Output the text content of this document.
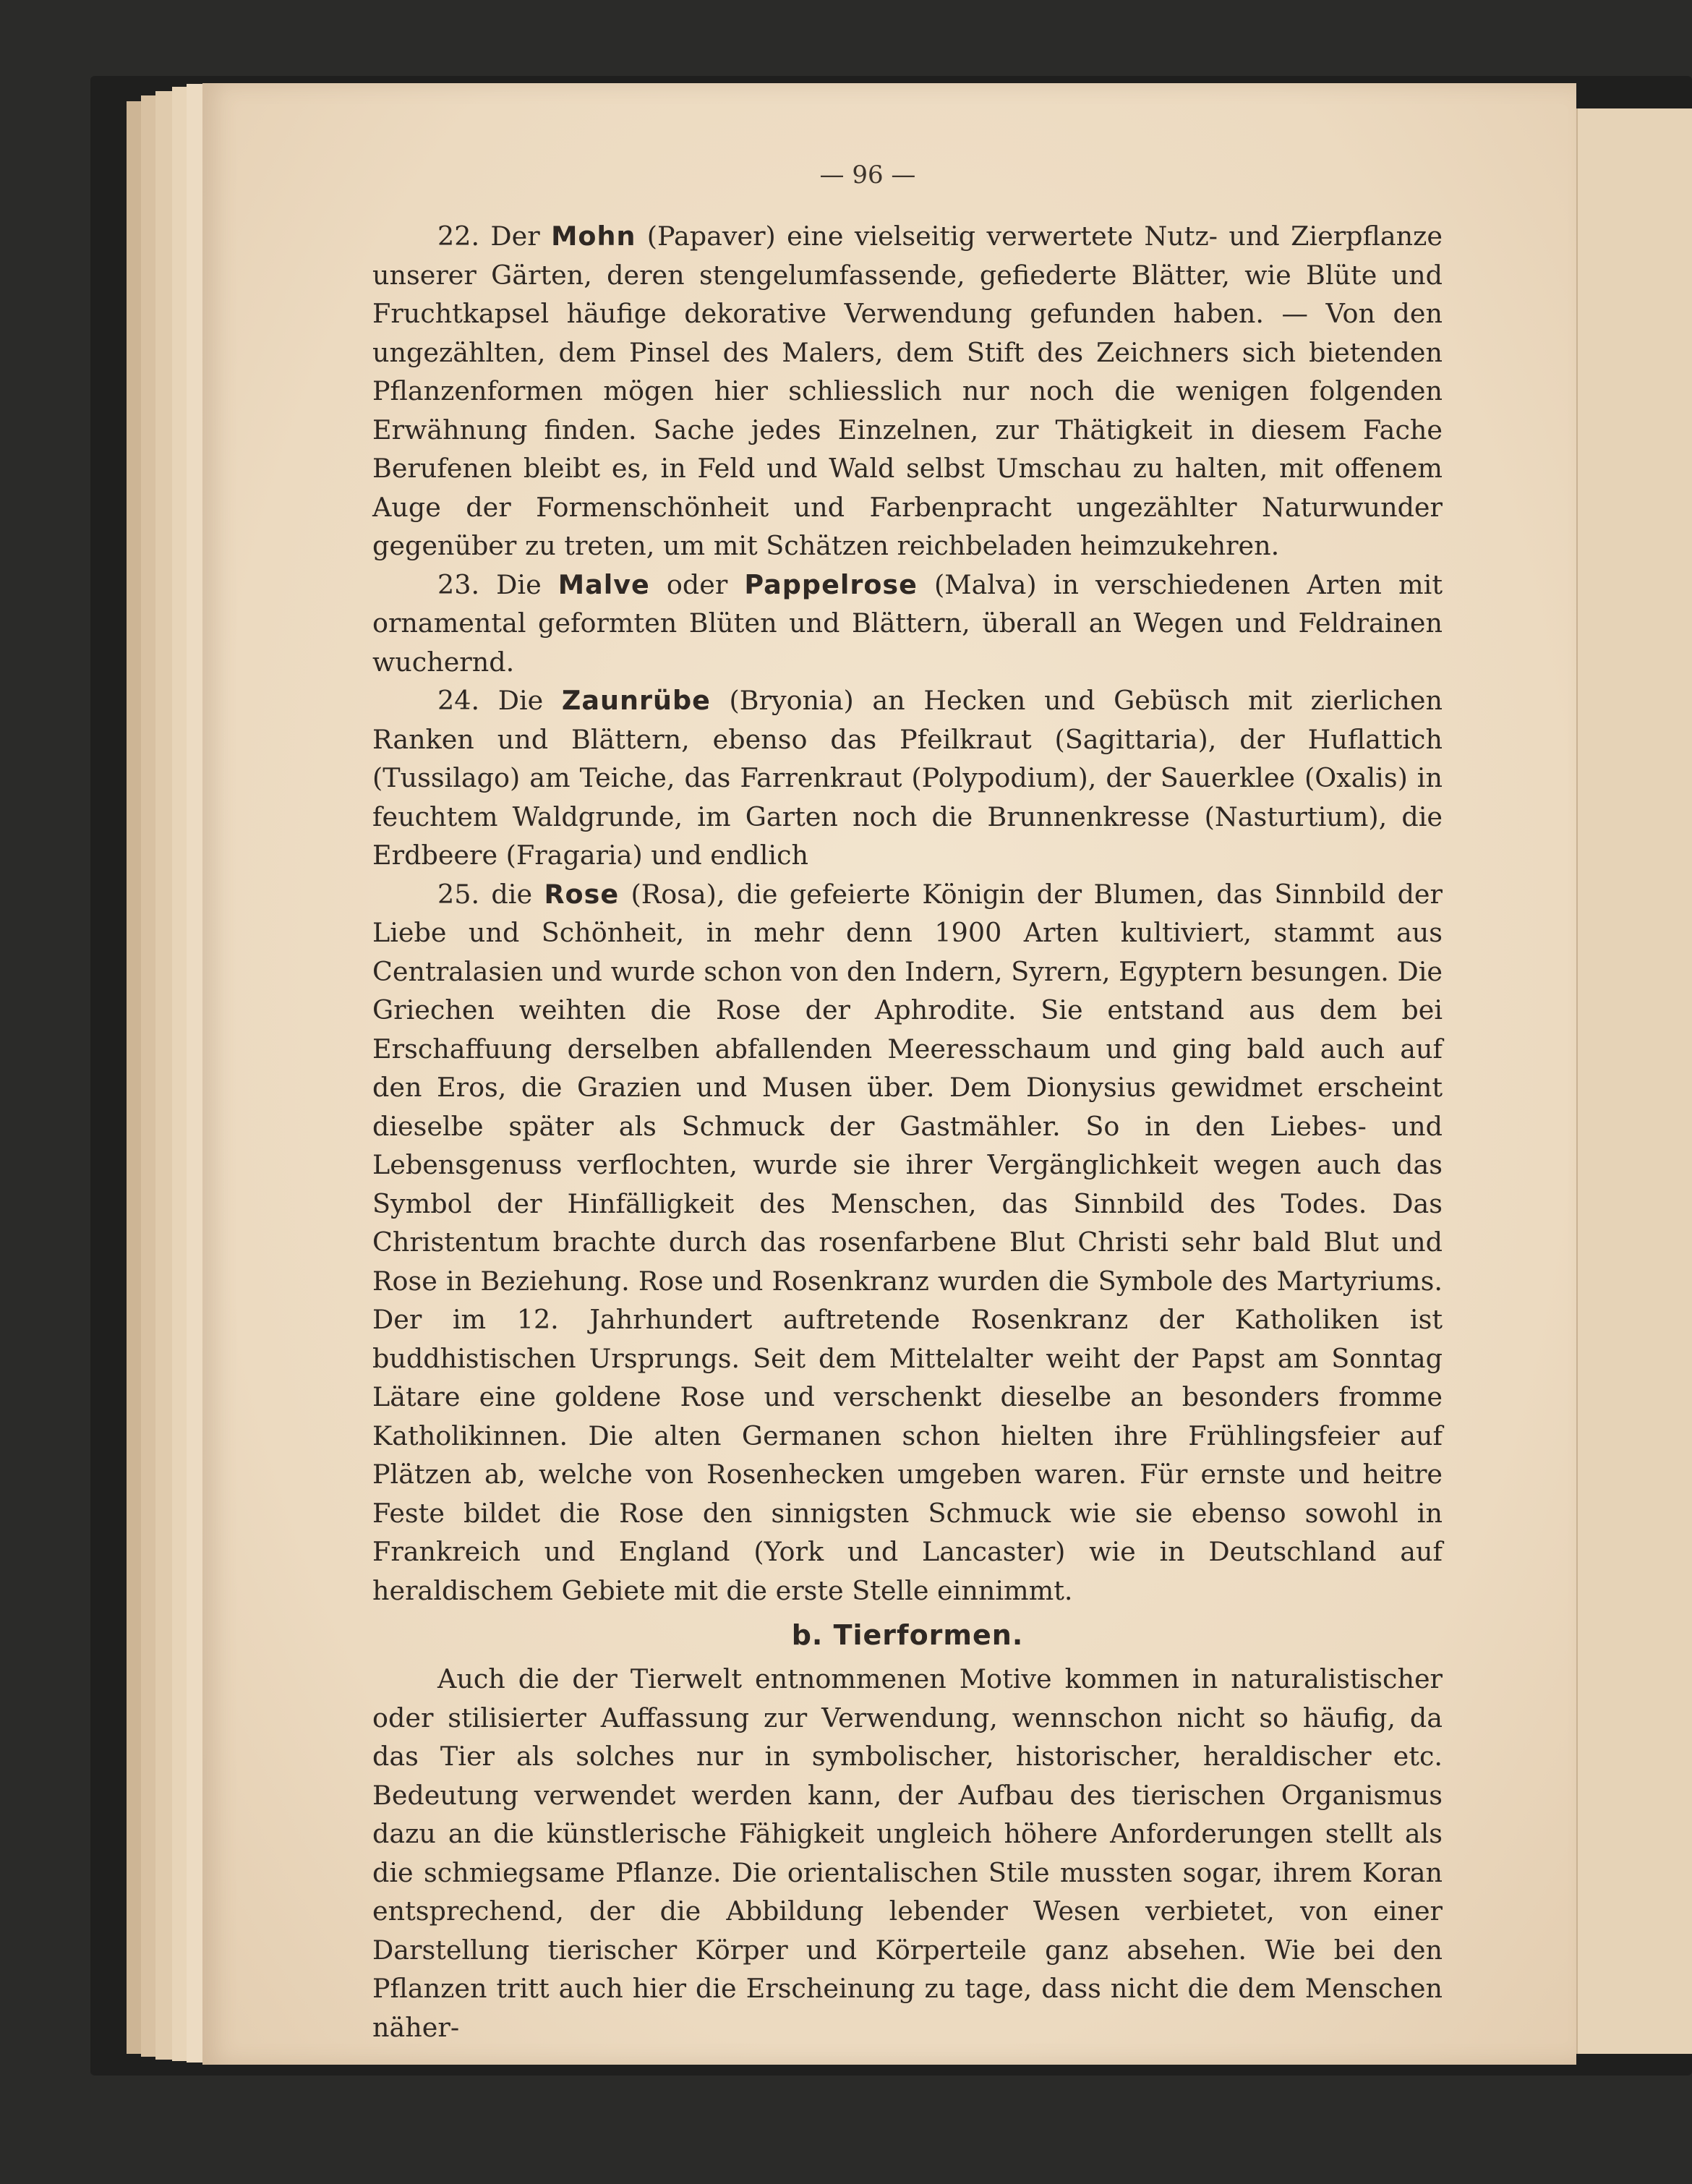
— 96 —

22. Der Mohn (Papaver) eine vielseitig verwertete Nutz- und Zierpflanze unserer Gärten, deren stengelumfassende, gefiederte Blätter, wie Blüte und Fruchtkapsel häufige dekorative Verwendung gefunden haben. — Von den ungezählten, dem Pinsel des Malers, dem Stift des Zeichners sich bietenden Pflanzenformen mögen hier schliesslich nur noch die wenigen folgenden Erwähnung finden. Sache jedes Einzelnen, zur Thätigkeit in diesem Fache Berufenen bleibt es, in Feld und Wald selbst Umschau zu halten, mit offenem Auge der Formenschönheit und Farbenpracht ungezählter Naturwunder gegenüber zu treten, um mit Schätzen reichbeladen heimzukehren.

23. Die Malve oder Pappelrose (Malva) in verschiedenen Arten mit ornamental geformten Blüten und Blättern, überall an Wegen und Feldrainen wuchernd.

24. Die Zaunrübe (Bryonia) an Hecken und Gebüsch mit zierlichen Ranken und Blättern, ebenso das Pfeilkraut (Sagittaria), der Huflattich (Tussilago) am Teiche, das Farrenkraut (Polypodium), der Sauerklee (Oxalis) in feuchtem Waldgrunde, im Garten noch die Brunnenkresse (Nasturtium), die Erdbeere (Fragaria) und endlich

25. die Rose (Rosa), die gefeierte Königin der Blumen, das Sinnbild der Liebe und Schönheit, in mehr denn 1900 Arten kultiviert, stammt aus Centralasien und wurde schon von den Indern, Syrern, Egyptern besungen. Die Griechen weihten die Rose der Aphrodite. Sie entstand aus dem bei Erschaffuung derselben abfallenden Meeresschaum und ging bald auch auf den Eros, die Grazien und Musen über. Dem Dionysius gewidmet erscheint dieselbe später als Schmuck der Gastmähler. So in den Liebes- und Lebensgenuss verflochten, wurde sie ihrer Vergänglichkeit wegen auch das Symbol der Hinfälligkeit des Menschen, das Sinnbild des Todes. Das Christentum brachte durch das rosenfarbene Blut Christi sehr bald Blut und Rose in Beziehung. Rose und Rosenkranz wurden die Symbole des Martyriums. Der im 12. Jahrhundert auftretende Rosenkranz der Katholiken ist buddhistischen Ursprungs. Seit dem Mittelalter weiht der Papst am Sonntag Lätare eine goldene Rose und verschenkt dieselbe an besonders fromme Katholikinnen. Die alten Germanen schon hielten ihre Frühlingsfeier auf Plätzen ab, welche von Rosenhecken umgeben waren. Für ernste und heitre Feste bildet die Rose den sinnigsten Schmuck wie sie ebenso sowohl in Frankreich und England (York und Lancaster) wie in Deutschland auf heraldischem Gebiete mit die erste Stelle einnimmt.

b. Tierformen.

Auch die der Tierwelt entnommenen Motive kommen in naturalistischer oder stilisierter Auffassung zur Verwendung, wennschon nicht so häufig, da das Tier als solches nur in symbolischer, historischer, heraldischer etc. Bedeutung verwendet werden kann, der Aufbau des tierischen Organismus dazu an die künstlerische Fähigkeit ungleich höhere Anforderungen stellt als die schmiegsame Pflanze. Die orientalischen Stile mussten sogar, ihrem Koran entsprechend, der die Abbildung lebender Wesen verbietet, von einer Darstellung tierischer Körper und Körperteile ganz absehen. Wie bei den Pflanzen tritt auch hier die Erscheinung zu tage, dass nicht die dem Menschen näher-
